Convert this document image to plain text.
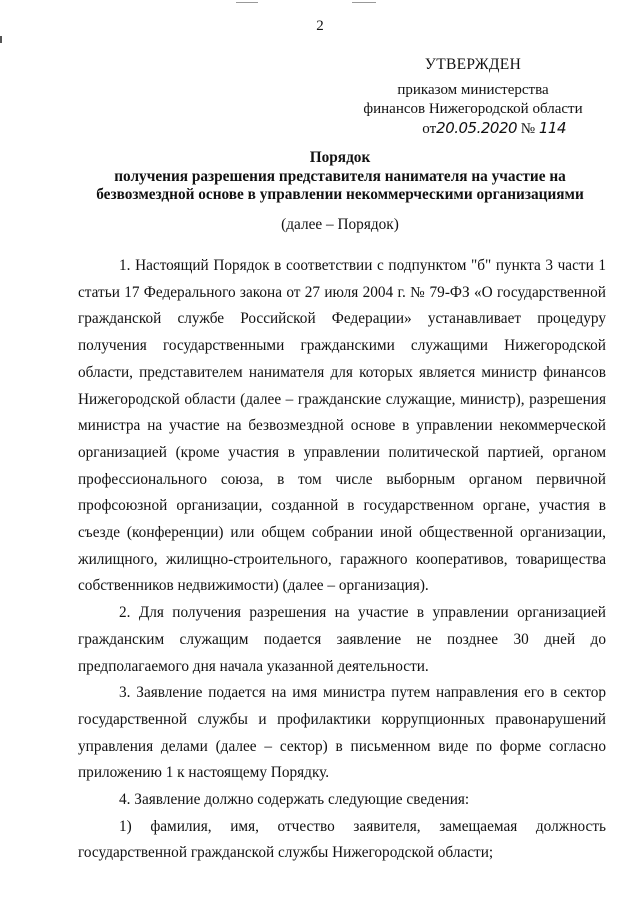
2
УТВЕРЖДЕН
приказом министерства
финансов Нижегородской области
от20.05.2020 № 114
Порядок
получения разрешения представителя нанимателя на участие на
безвозмездной основе в управлении некоммерческими организациями
(далее – Порядок)

1. Настоящий Порядок в соответствии с подпунктом "б" пункта 3 части 1 статьи 17 Федерального закона от 27 июля 2004 г. № 79-ФЗ «О государственной гражданской службе Российской Федерации» устанавливает процедуру получения государственными гражданскими служащими Нижегородской области, представителем нанимателя для которых является министр финансов Нижегородской области (далее – гражданские служащие, министр), разрешения министра на участие на безвозмездной основе в управлении некоммерческой организацией (кроме участия в управлении политической партией, органом профессионального союза, в том числе выборным органом первичной профсоюзной организации, созданной в государственном органе, участия в съезде (конференции) или общем собрании иной общественной организации, жилищного, жилищно-строительного, гаражного кооперативов, товарищества собственников недвижимости) (далее – организация).

2. Для получения разрешения на участие в управлении организацией гражданским служащим подается заявление не позднее 30 дней до предполагаемого дня начала указанной деятельности.

3. Заявление подается на имя министра путем направления его в сектор государственной службы и профилактики коррупционных правонарушений управления делами (далее – сектор) в письменном виде по форме согласно приложению 1 к настоящему Порядку.

4. Заявление должно содержать следующие сведения:

1) фамилия, имя, отчество заявителя, замещаемая должность государственной гражданской службы Нижегородской области;
